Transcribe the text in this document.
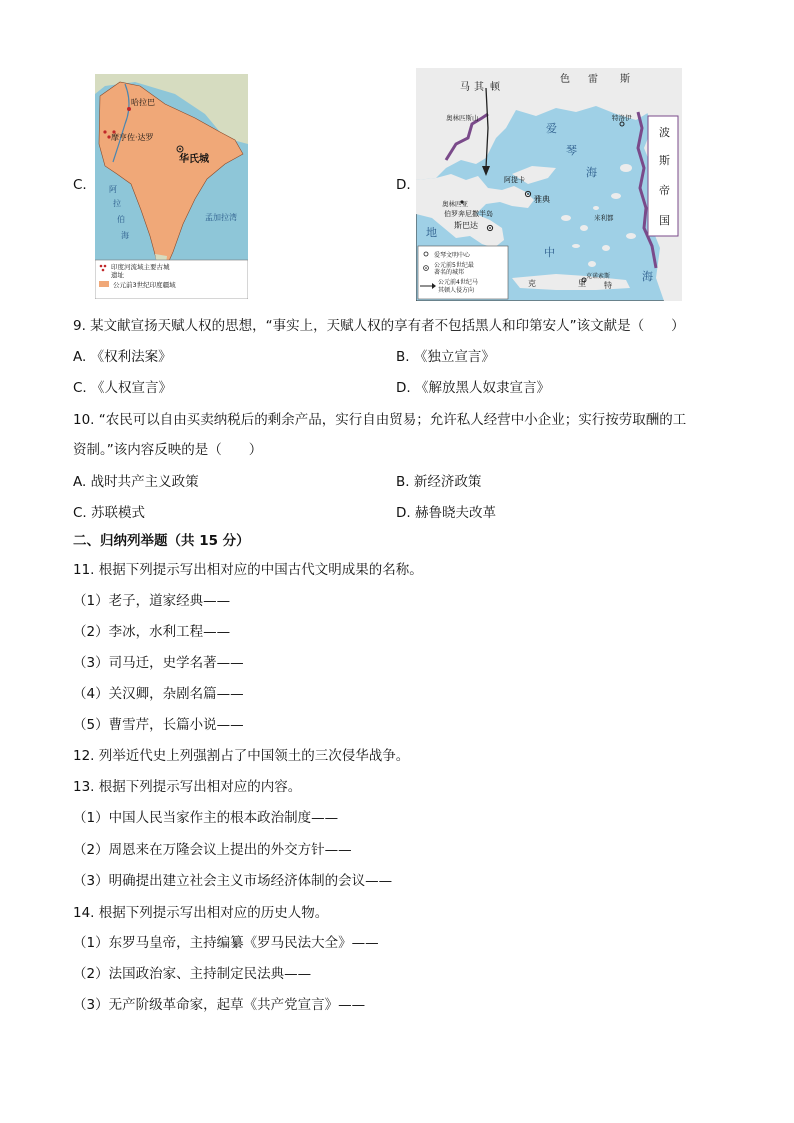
C.	D.
哈拉巴
摩亨佐·达罗
华氏城
阿
拉
伯
海
孟加拉湾
印度河流域主要古城
遗址
公元前3世纪印度疆域
马 其 顿
色 雷 斯
波
斯
帝
国
爱
琴
海
奥林匹斯山	特洛伊
阿提卡
雅典
奥林匹亚
伯罗奔尼撒半岛
斯巴达
米利都
地
中
海
克诺索斯
克	里 特
爱琴文明中心
公元前5世纪最
著名的城邦
公元前4世纪马
其顿人侵方向
9. 某文献宣扬天赋人权的思想，“事实上，天赋人权的享有者不包括黑人和印第安人”该文献是（　　）
A. 《权利法案》	B. 《独立宣言》
C. 《人权宣言》	D. 《解放黑人奴隶宣言》
10. “农民可以自由买卖纳税后的剩余产品，实行自由贸易；允许私人经营中小企业；实行按劳取酬的工
资制。”该内容反映的是（　　）
A. 战时共产主义政策	B. 新经济政策
C. 苏联模式	D. 赫鲁晓夫改革
二、归纳列举题（共 15 分）
11. 根据下列提示写出相对应的中国古代文明成果的名称。
（1）老子，道家经典——
（2）李冰，水利工程——
（3）司马迁，史学名著——
（4）关汉卿，杂剧名篇——
（5）曹雪芹，长篇小说——
12. 列举近代史上列强割占了中国领土的三次侵华战争。
13. 根据下列提示写出相对应的内容。
（1）中国人民当家作主的根本政治制度——
（2）周恩来在万隆会议上提出的外交方针——
（3）明确提出建立社会主义市场经济体制的会议——
14. 根据下列提示写出相对应的历史人物。
（1）东罗马皇帝，主持编纂《罗马民法大全》——
（2）法国政治家、主持制定民法典——
（3）无产阶级革命家，起草《共产党宣言》——
